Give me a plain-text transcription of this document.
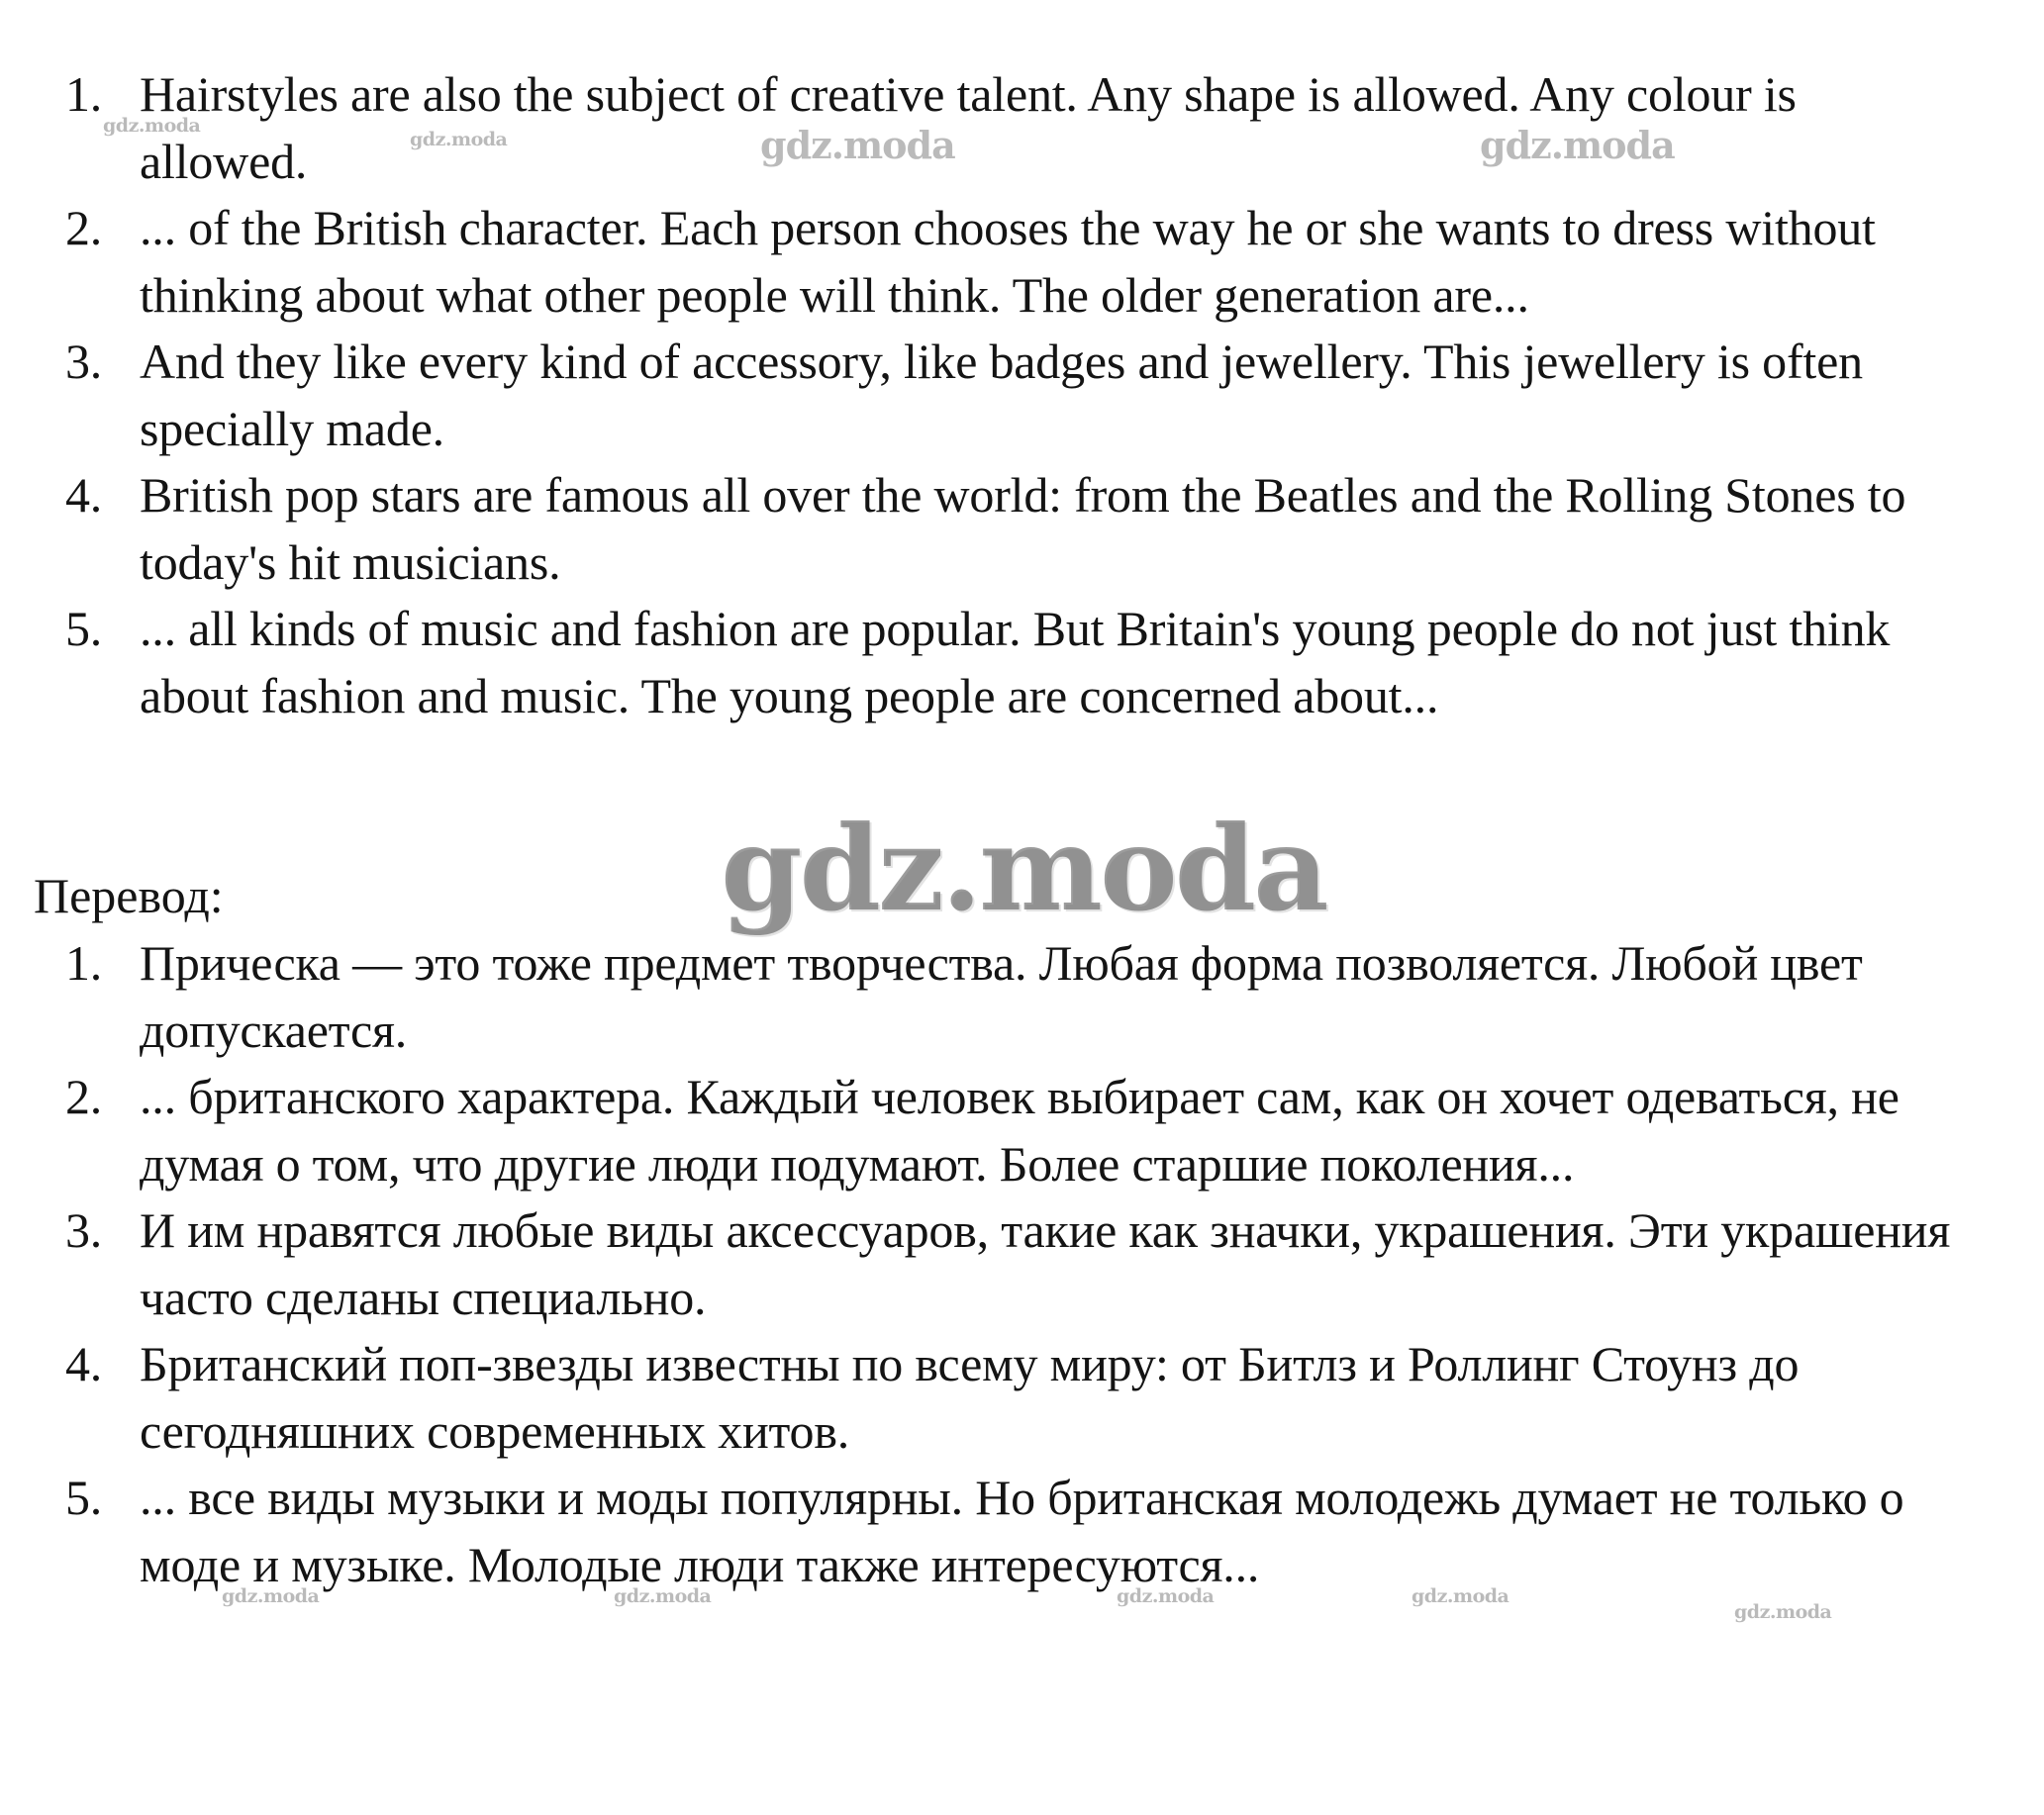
1. Hairstyles are also the subject of creative talent. Any shape is allowed. Any colour is allowed.
2. ... of the British character. Each person chooses the way he or she wants to dress without thinking about what other people will think. The older generation are...
3. And they like every kind of accessory, like badges and jewellery. This jewellery is often specially made.
4. British pop stars are famous all over the world: from the Beatles and the Rolling Stones to today's hit musicians.
5. ... all kinds of music and fashion are popular. But Britain's young people do not just think about fashion and music. The young people are concerned about...
Перевод:
1. Прическа — это тоже предмет творчества. Любая форма позволяется. Любой цвет допускается.
2. ... британского характера. Каждый человек выбирает сам, как он хочет одеваться, не думая о том, что другие люди подумают. Более старшие поколения...
3. И им нравятся любые виды аксессуаров, такие как значки, украшения. Эти украшения часто сделаны специально.
4. Британский поп-звезды известны по всему миру: от Битлз и Роллинг Стоунз до сегодняшних современных хитов.
5. ... все виды музыки и моды популярны. Но британская молодежь думает не только о моде и музыке. Молодые люди также интересуются...
gdz.moda
gdz.moda	gdz.moda
gdz.moda
gdz.moda
gdz.moda	gdz.moda	gdz.moda	gdz.moda
gdz.moda
